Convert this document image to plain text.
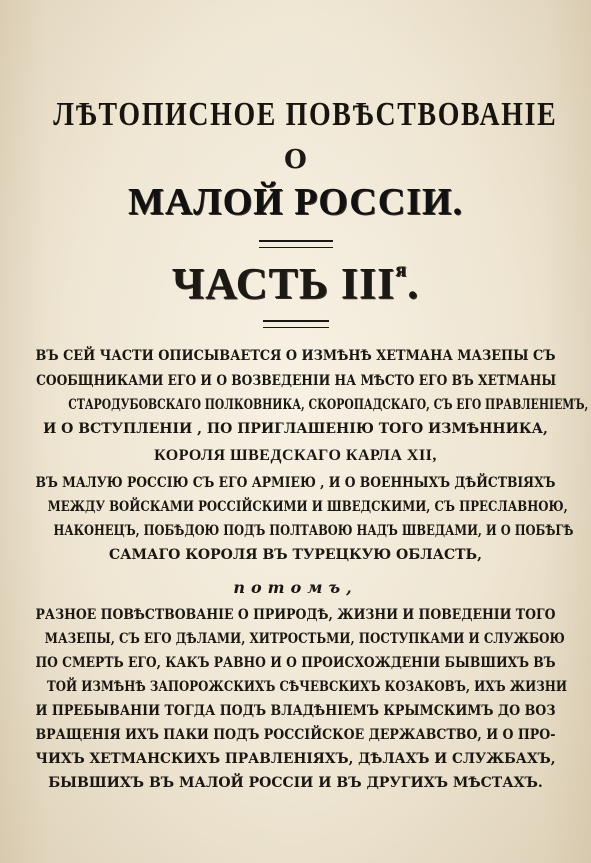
ЛѢТОПИСНОЕ ПОВѢСТВОВАНІЕ
О
МАЛОЙ РОССІИ.
ЧАСТЬ $III^я$.
ВЪ СЕЙ ЧАСТИ ОПИСЫВАЕТСЯ О ИЗМѢНѢ ХЕТМАНА МАЗЕПЫ СЪ
СООБЩНИКАМИ ЕГО И О ВОЗВЕДЕНІИ НА МѢСТО ЕГО ВЪ ХЕТМАНЫ
СТАРОДУБОВСКАГО ПОЛКОВНИКА, СКОРОПАДСКАГО, СЪ ЕГО ПРАВЛЕНІЕМЪ,
И О ВСТУПЛЕНІИ , ПО ПРИГЛАШЕНІЮ ТОГО ИЗМѢННИКА,
КОРОЛЯ ШВЕДСКАГО КАРЛА XII,
ВЪ МАЛУЮ РОССІЮ СЪ ЕГО АРМІЕЮ , И О ВОЕННЫХЪ ДѢЙСТВІЯХЪ
МЕЖДУ ВОЙСКАМИ РОССІЙСКИМИ И ШВЕДСКИМИ, СЪ ПРЕСЛАВНОЮ,
НАКОНЕЦЪ, ПОБѢДОЮ ПОДЪ ПОЛТАВОЮ НАДЪ ШВЕДАМИ, И О ПОБѢГѢ
САМАГО КОРОЛЯ ВЪ ТУРЕЦКУЮ ОБЛАСТЬ,
потомъ,
РАЗНОЕ ПОВѢСТВОВАНІЕ О ПРИРОДѢ, ЖИЗНИ И ПОВЕДЕНІИ ТОГО
МАЗЕПЫ, СЪ ЕГО ДѢЛАМИ, ХИТРОСТЬМИ, ПОСТУПКАМИ И СЛУЖБОЮ
ПО СМЕРТЬ ЕГО, КАКЪ РАВНО И О ПРОИСХОЖДЕНІИ БЫВШИХЪ ВЪ
ТОЙ ИЗМѢНѢ ЗАПОРОЖСКИХЪ СѢЧЕВСКИХЪ КОЗАКОВЪ, ИХЪ ЖИЗНИ
И ПРЕБЫВАНІИ ТОГДА ПОДЪ ВЛАДѢНІЕМЪ КРЫМСКИМЪ ДО ВОЗ
ВРАЩЕНІЯ ИХЪ ПАКИ ПОДЪ РОССІЙСКОЕ ДЕРЖАВСТВО, И О ПРО-
ЧИХЪ ХЕТМАНСКИХЪ ПРАВЛЕНІЯХЪ, ДѢЛАХЪ И СЛУЖБАХЪ,
БЫВШИХЪ ВЪ МАЛОЙ РОССІИ И ВЪ ДРУГИХЪ МѢСТАХЪ.
